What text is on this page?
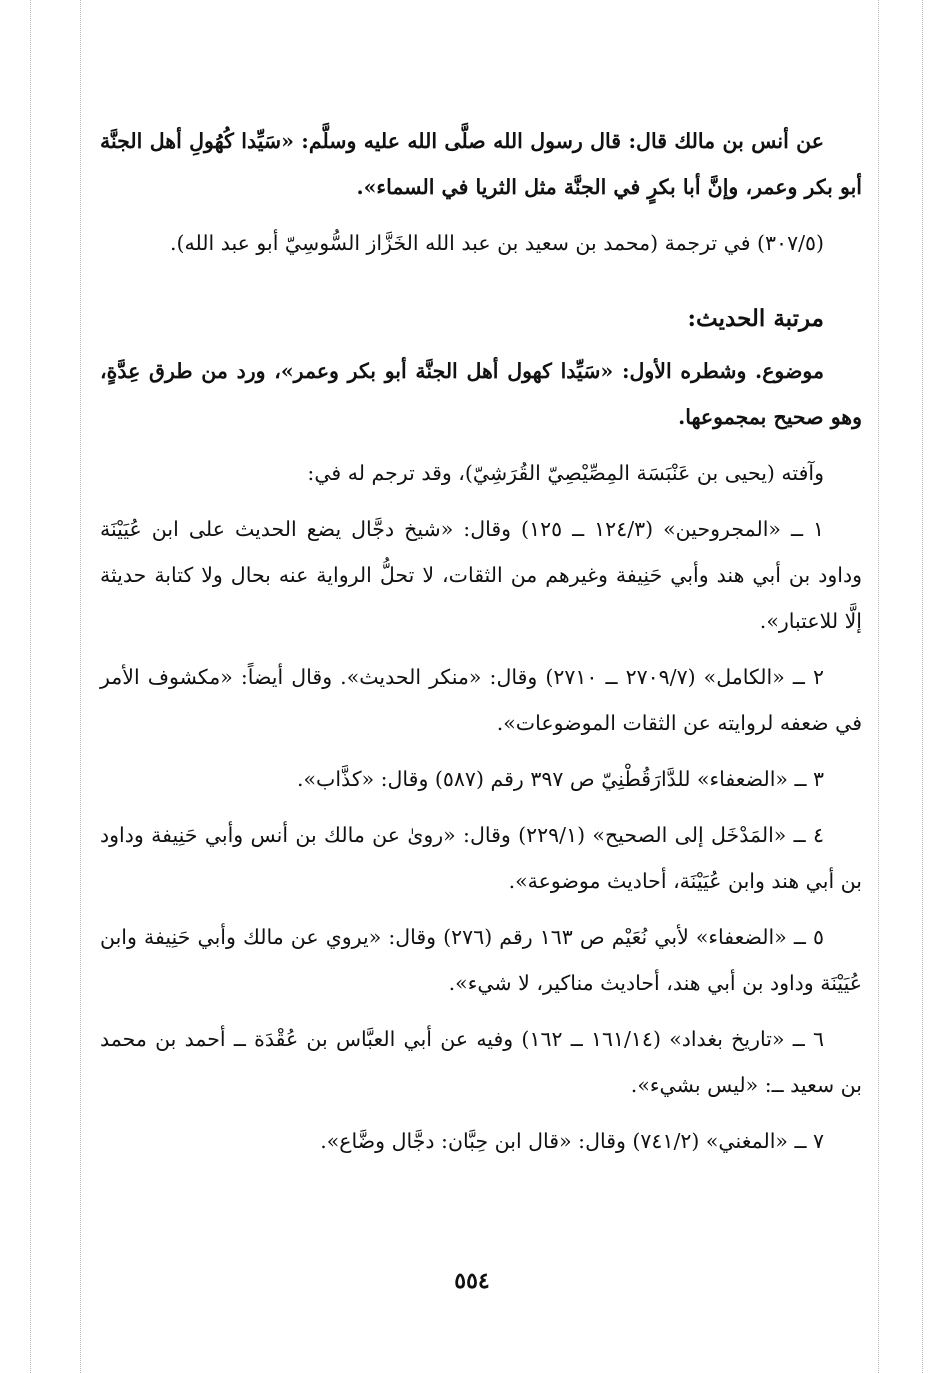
عن أنس بن مالك قال: قال رسول الله صلَّى الله عليه وسلَّم: «سَيِّدا كُهُولِ أهل الجنَّة أبو بكر وعمر، وإنَّ أبا بكرٍ في الجنَّة مثل الثريا في السماء».

(٣٠٧/٥) في ترجمة (محمد بن سعيد بن عبد الله الخَزَّاز السُّوسِيّ أبو عبد الله).

مرتبة الحديث:

موضوع. وشطره الأول: «سَيِّدا كهول أهل الجنَّة أبو بكر وعمر»، ورد من طرق عِدَّةٍ، وهو صحيح بمجموعها.

وآفته (يحيى بن عَنْبَسَة المِصِّيْصِيّ القُرَشِيّ)، وقد ترجم له في:

١ ــ «المجروحين» (١٢٤/٣ ــ ١٢٥) وقال: «شيخ دجَّال يضع الحديث على ابن عُيَيْنَة وداود بن أبي هند وأبي حَنِيفة وغيرهم من الثقات، لا تحلُّ الرواية عنه بحال ولا كتابة حديثة إلَّا للاعتبار».

٢ ــ «الكامل» (٢٧٠٩/٧ ــ ٢٧١٠) وقال: «منكر الحديث». وقال أيضاً: «مكشوف الأمر في ضعفه لروايته عن الثقات الموضوعات».

٣ ــ «الضعفاء» للدَّارَقُطْنِيّ ص ٣٩٧ رقم (٥٨٧) وقال: «كذَّاب».

٤ ــ «المَدْخَل إلى الصحيح» (٢٢٩/١) وقال: «روىٰ عن مالك بن أنس وأبي حَنِيفة وداود بن أبي هند وابن عُيَيْنَة، أحاديث موضوعة».

٥ ــ «الضعفاء» لأبي نُعَيْم ص ١٦٣ رقم (٢٧٦) وقال: «يروي عن مالك وأبي حَنِيفة وابن عُيَيْنَة وداود بن أبي هند، أحاديث مناكير، لا شيء».

٦ ــ «تاريخ بغداد» (١٦١/١٤ ــ ١٦٢) وفيه عن أبي العبَّاس بن عُقْدَة ــ أحمد بن محمد بن سعيد ــ: «ليس بشيء».

٧ ــ «المغني» (٧٤١/٢) وقال: «قال ابن حِبَّان: دجَّال وضَّاع».

٥٥٤
